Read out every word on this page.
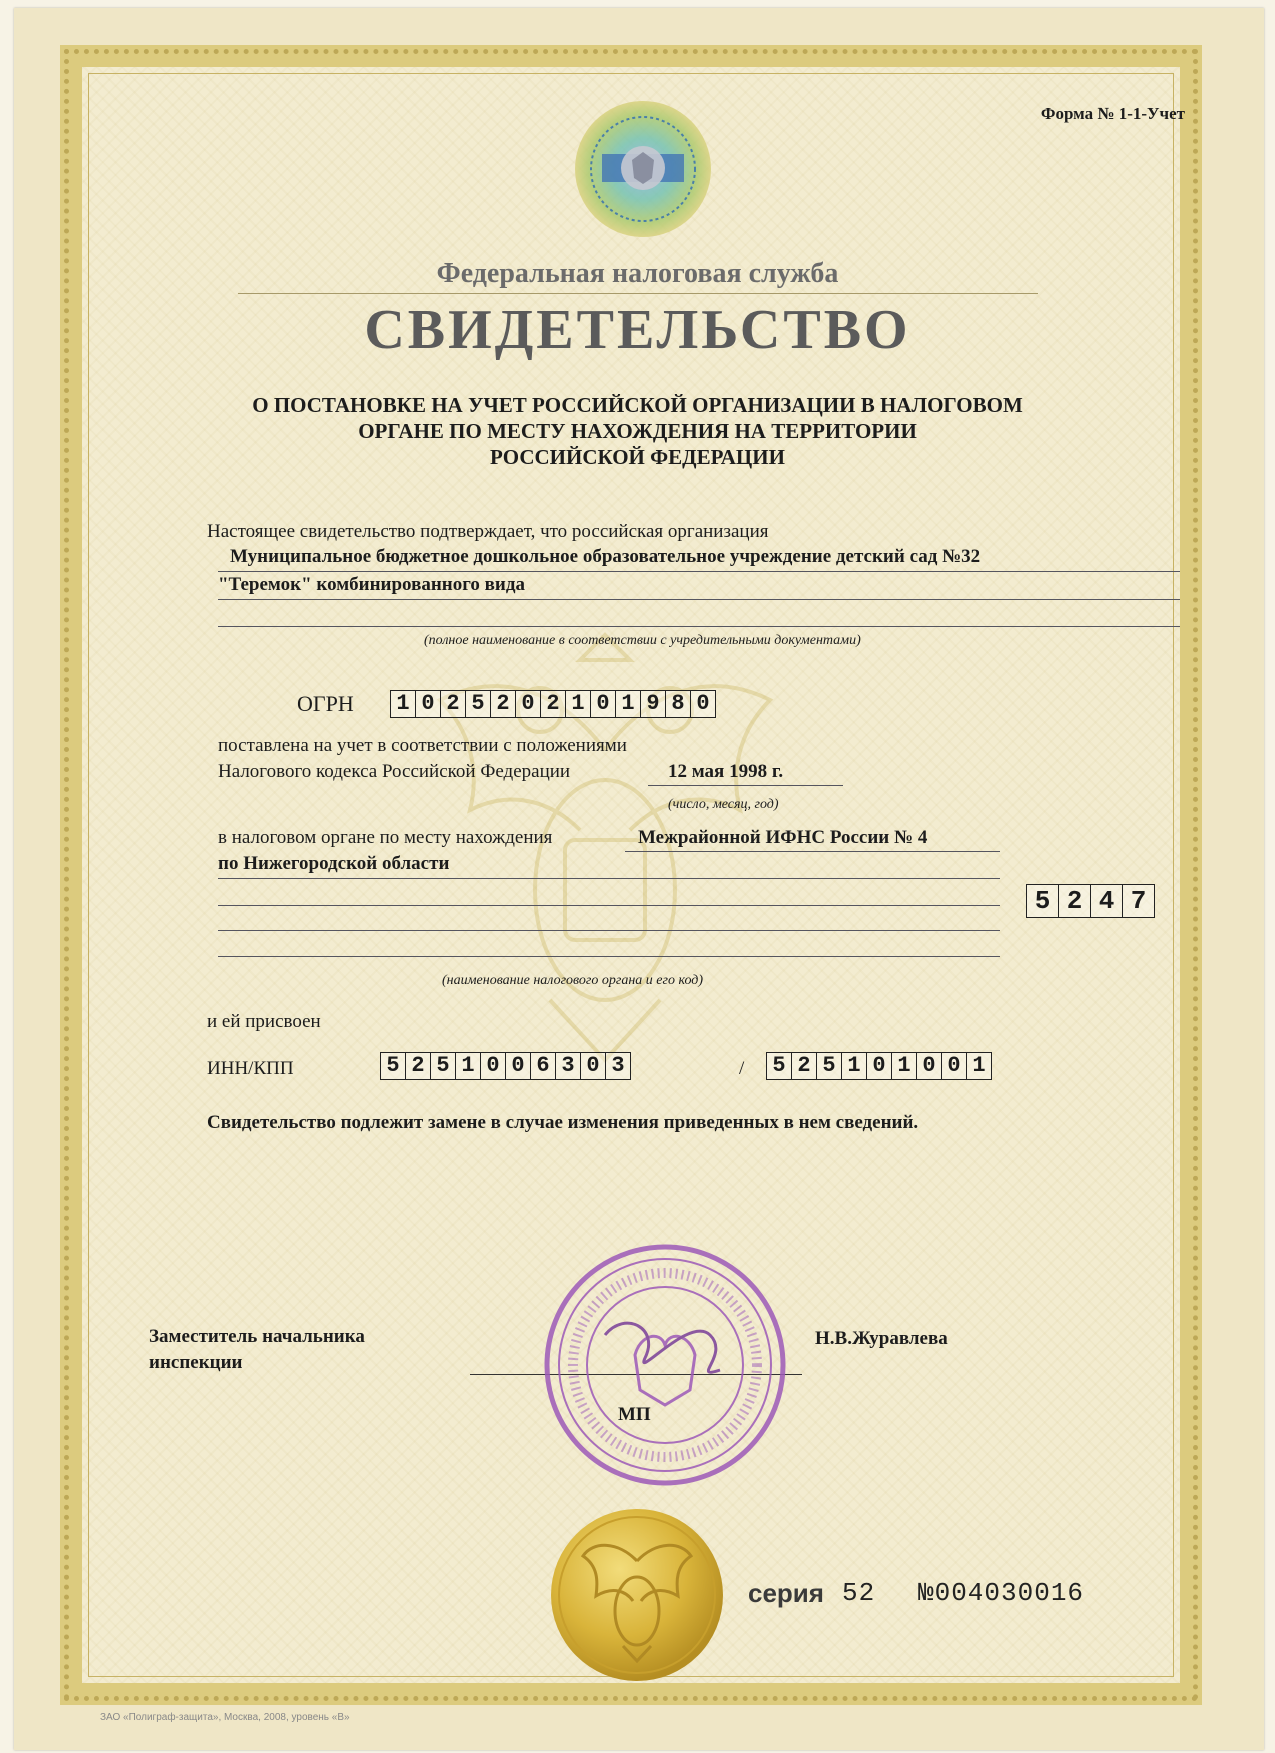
Форма № 1-1-Учет
Федеральная налоговая служба
СВИДЕТЕЛЬСТВО
О ПОСТАНОВКЕ НА УЧЕТ РОССИЙСКОЙ ОРГАНИЗАЦИИ В НАЛОГОВОМ
ОРГАНЕ ПО МЕСТУ НАХОЖДЕНИЯ НА ТЕРРИТОРИИ
РОССИЙСКОЙ ФЕДЕРАЦИИ
Настоящее свидетельство подтверждает, что российская организация
Муниципальное бюджетное дошкольное образовательное учреждение детский сад №32
"Теремок" комбинированного вида
(полное наименование в соответствии с учредительными документами)
ОГРН 1 0 2 5 2 0 2 1 0 1 9 8 0
поставлена на учет в соответствии с положениями
Налогового кодекса Российской Федерации	12 мая 1998 г.
(число, месяц, год)
в налоговом органе по месту нахождения	Межрайонной ИФНС России № 4
по Нижегородской области
5 2 4 7
(наименование налогового органа и его код)
и ей присвоен
ИНН/КПП	5 2 5 1 0 0 6 3 0 3	/ 5 2 5 1 0 1 0 0 1
Свидетельство подлежит замене в случае изменения приведенных в нем сведений.
Заместитель начальника
инспекции
Н.В.Журавлева
МП
серия 52 №004030016
ЗАО «Полиграф-защита», Москва, 2008, уровень «В»
